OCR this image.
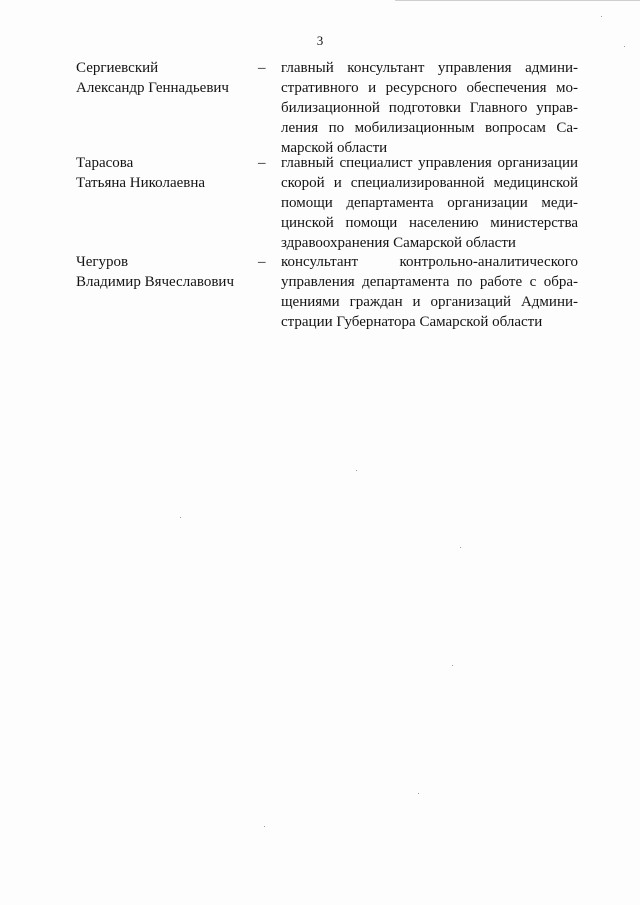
3
Сергиевский
Александр Геннадьевич
– главный консультант управления админи-
стративного и ресурсного обеспечения мо-
билизационной подготовки Главного управ-
ления по мобилизационным вопросам Са-
марской области
Тарасова
Татьяна Николаевна
– главный специалист управления организации
скорой и специализированной медицинской
помощи департамента организации меди-
цинской помощи населению министерства
здравоохранения Самарской области
Чегуров
Владимир Вячеславович
– консультант контрольно-аналитического
управления департамента по работе с обра-
щениями граждан и организаций Админи-
страции Губернатора Самарской области
